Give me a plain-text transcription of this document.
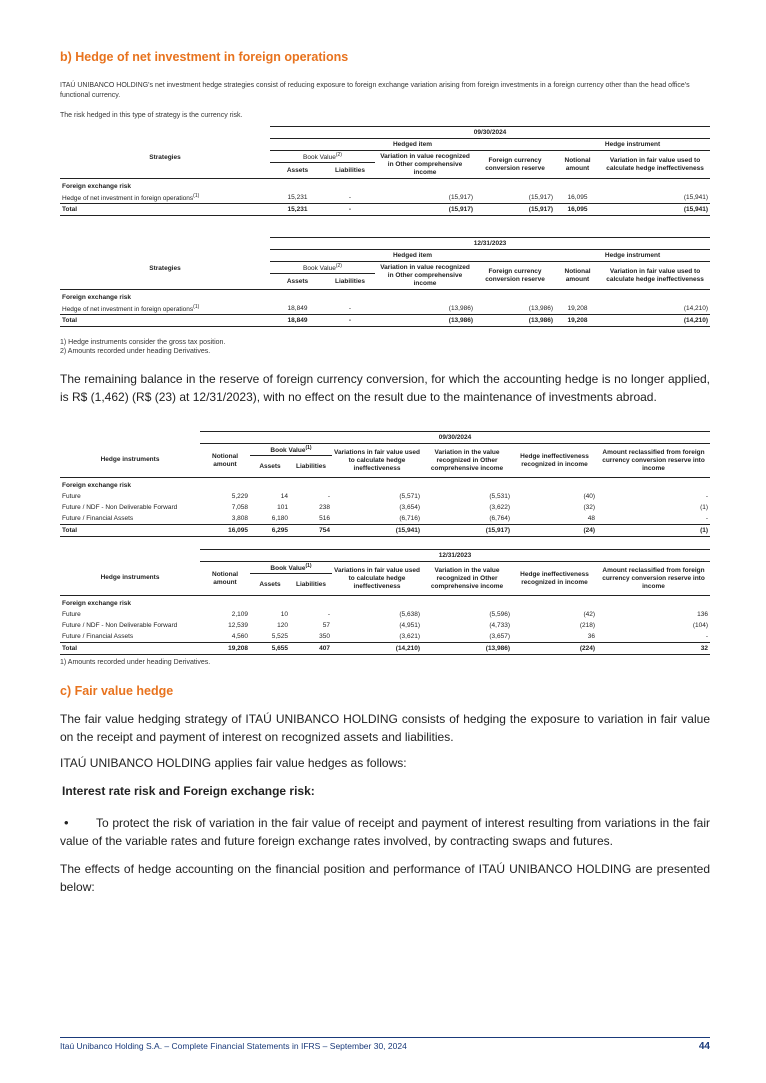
b) Hedge of net investment in foreign operations
ITAÚ UNIBANCO HOLDING's net investment hedge strategies consist of reducing exposure to foreign exchange variation arising from foreign investments in a foreign currency other than the head office's functional currency.
The risk hedged in this type of strategy is the currency risk.
	09/30/2024					
Strategies	Hedged item				Hedge instrument	
	Book Value$^{(2)}$		Variation in value recognized in Other comprehensive income	Foreign currency conversion reserve	Notional amount	Variation in fair value used to calculate hedge ineffectiveness
	Assets	Liabilities				

Foreign exchange risk						
Hedge of net investment in foreign operations$^{(1)}$	15,231	-	(15,917)	(15,917)	16,095	(15,941)
Total	15,231	-	(15,917)	(15,917)	16,095	(15,941)
	12/31/2023					
Strategies	Hedged item				Hedge instrument	
	Book Value$^{(2)}$		Variation in value recognized in Other comprehensive income	Foreign currency conversion reserve	Notional amount	Variation in fair value used to calculate hedge ineffectiveness
	Assets	Liabilities				

Foreign exchange risk						
Hedge of net investment in foreign operations$^{(1)}$	18,849	-	(13,986)	(13,986)	19,208	(14,210)
Total	18,849	-	(13,986)	(13,986)	19,208	(14,210)
1) Hedge instruments consider the gross tax position.
2) Amounts recorded under heading Derivatives.
The remaining balance in the reserve of foreign currency conversion, for which the accounting hedge is no longer applied, is R$ (1,462) (R$ (23) at 12/31/2023), with no effect on the result due to the maintenance of investments abroad.
	09/30/2024						
Hedge instruments	Notional amount	Book Value$^{(1)}$		Variations in fair value used to calculate hedge ineffectiveness	Variation in the value recognized in Other comprehensive income	Hedge ineffectiveness recognized in income	Amount reclassified from foreign currency conversion reserve into income
		Assets	Liabilities				

Foreign exchange risk							
Future	5,229	14	-	(5,571)	(5,531)	(40)	-
Future / NDF - Non Deliverable Forward	7,058	101	238	(3,654)	(3,622)	(32)	(1)
Future / Financial Assets	3,808	6,180	516	(6,716)	(6,764)	48	-
Total	16,095	6,295	754	(15,941)	(15,917)	(24)	(1)
	12/31/2023						
Hedge instruments	Notional amount	Book Value$^{(1)}$		Variations in fair value used to calculate hedge ineffectiveness	Variation in the value recognized in Other comprehensive income	Hedge ineffectiveness recognized in income	Amount reclassified from foreign currency conversion reserve into income
		Assets	Liabilities				

Foreign exchange risk							
Future	2,109	10	-	(5,638)	(5,596)	(42)	136
Future / NDF - Non Deliverable Forward	12,539	120	57	(4,951)	(4,733)	(218)	(104)
Future / Financial Assets	4,560	5,525	350	(3,621)	(3,657)	36	-
Total	19,208	5,655	407	(14,210)	(13,986)	(224)	32
1) Amounts recorded under heading Derivatives.
c) Fair value hedge
The fair value hedging strategy of ITAÚ UNIBANCO HOLDING consists of hedging the exposure to variation in fair value on the receipt and payment of interest on recognized assets and liabilities.
ITAÚ UNIBANCO HOLDING applies fair value hedges as follows:
Interest rate risk and Foreign exchange risk:
• To protect the risk of variation in the fair value of receipt and payment of interest resulting from variations in the fair value of the variable rates and future foreign exchange rates involved, by contracting swaps and futures.
The effects of hedge accounting on the financial position and performance of ITAÚ UNIBANCO HOLDING are presented below:
Itaú Unibanco Holding S.A. – Complete Financial Statements in IFRS – September 30, 2024	44
